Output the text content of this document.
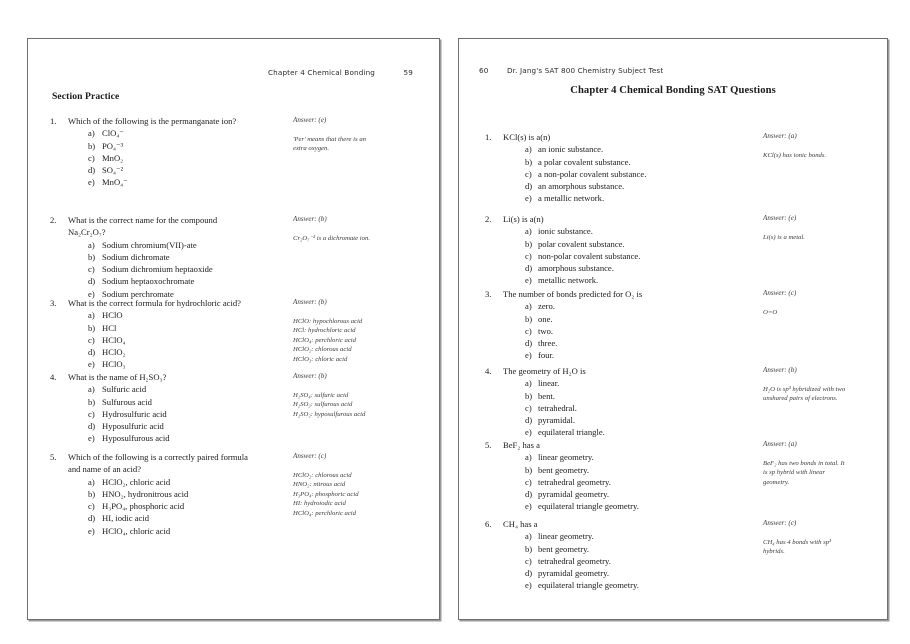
Chapter 4 Chemical Bonding	59
Section Practice
1.	Which of the following is the permanganate ion?
a) ClO₄⁻
b) PO₄⁻³
c) MnO₂
d) SO₄⁻²
e) MnO₄⁻
Answer: (e)
'Per' means that there is an
extra oxygen.
2.	What is the correct name for the compound
Na₂Cr₂O₇?
a) Sodium chromium(VII)-ate
b) Sodium dichromate
c) Sodium dichromium heptaoxide
d) Sodium heptaoxochromate
e) Sodium perchromate
Answer: (b)
Cr₂O₇⁻² is a dichromate ion.
3.	What is the correct formula for hydrochloric acid?
a) HClO
b) HCl
c) HClO₄
d) HClO₂
e) HClO₃
Answer: (b)
HClO: hypochlorous acid
HCl: hydrochloric acid
HClO₄: perchloric acid
HClO₂: chlorous acid
HClO₃: chloric acid
4.	What is the name of H₂SO₃?
a) Sulfuric acid
b) Sulfurous acid
c) Hydrosulfuric acid
d) Hyposulfuric acid
e) Hyposulfurous acid
Answer: (b)
H₂SO₄: sulfuric acid
H₂SO₃: sulfurous acid
H₂SO₂: hyposulfurous acid
5.	Which of the following is a correctly paired formula
and name of an acid?
a) HClO₂, chloric acid
b) HNO₂, hydronitrous acid
c) H₃PO₄, phosphoric acid
d) HI, iodic acid
e) HClO₄, chloric acid
Answer: (c)
HClO₂: chlorous acid
HNO₂: nitrous acid
H₃PO₄: phosphoric acid
HI: hydroiodic acid
HClO₄: perchloric acid
60	Dr. Jang's SAT 800 Chemistry Subject Test
Chapter 4 Chemical Bonding SAT Questions
1.	KCl(s) is a(n)
a) an ionic substance.
b) a polar covalent substance.
c) a non-polar covalent substance.
d) an amorphous substance.
e) a metallic network.
Answer: (a)
KCl(s) has ionic bonds.
2.	Li(s) is a(n)
a) ionic substance.
b) polar covalent substance.
c) non-polar covalent substance.
d) amorphous substance.
e) metallic network.
Answer: (e)
Li(s) is a metal.
3.	The number of bonds predicted for O₂ is
a) zero.
b) one.
c) two.
d) three.
e) four.
Answer: (c)
O=O
4.	The geometry of H₂O is
a) linear.
b) bent.
c) tetrahedral.
d) pyramidal.
e) equilateral triangle.
Answer: (b)
H₂O is sp³ hybridized with two
unshared pairs of electrons.
5.	BeF₂ has a
a) linear geometry.
b) bent geometry.
c) tetrahedral geometry.
d) pyramidal geometry.
e) equilateral triangle geometry.
Answer: (a)
BeF₂ has two bonds in total. It
is sp hybrid with linear
geometry.
6.	CH₄ has a
a) linear geometry.
b) bent geometry.
c) tetrahedral geometry.
d) pyramidal geometry.
e) equilateral triangle geometry.
Answer: (c)
CH₄ has 4 bonds with sp³
hybrids.
